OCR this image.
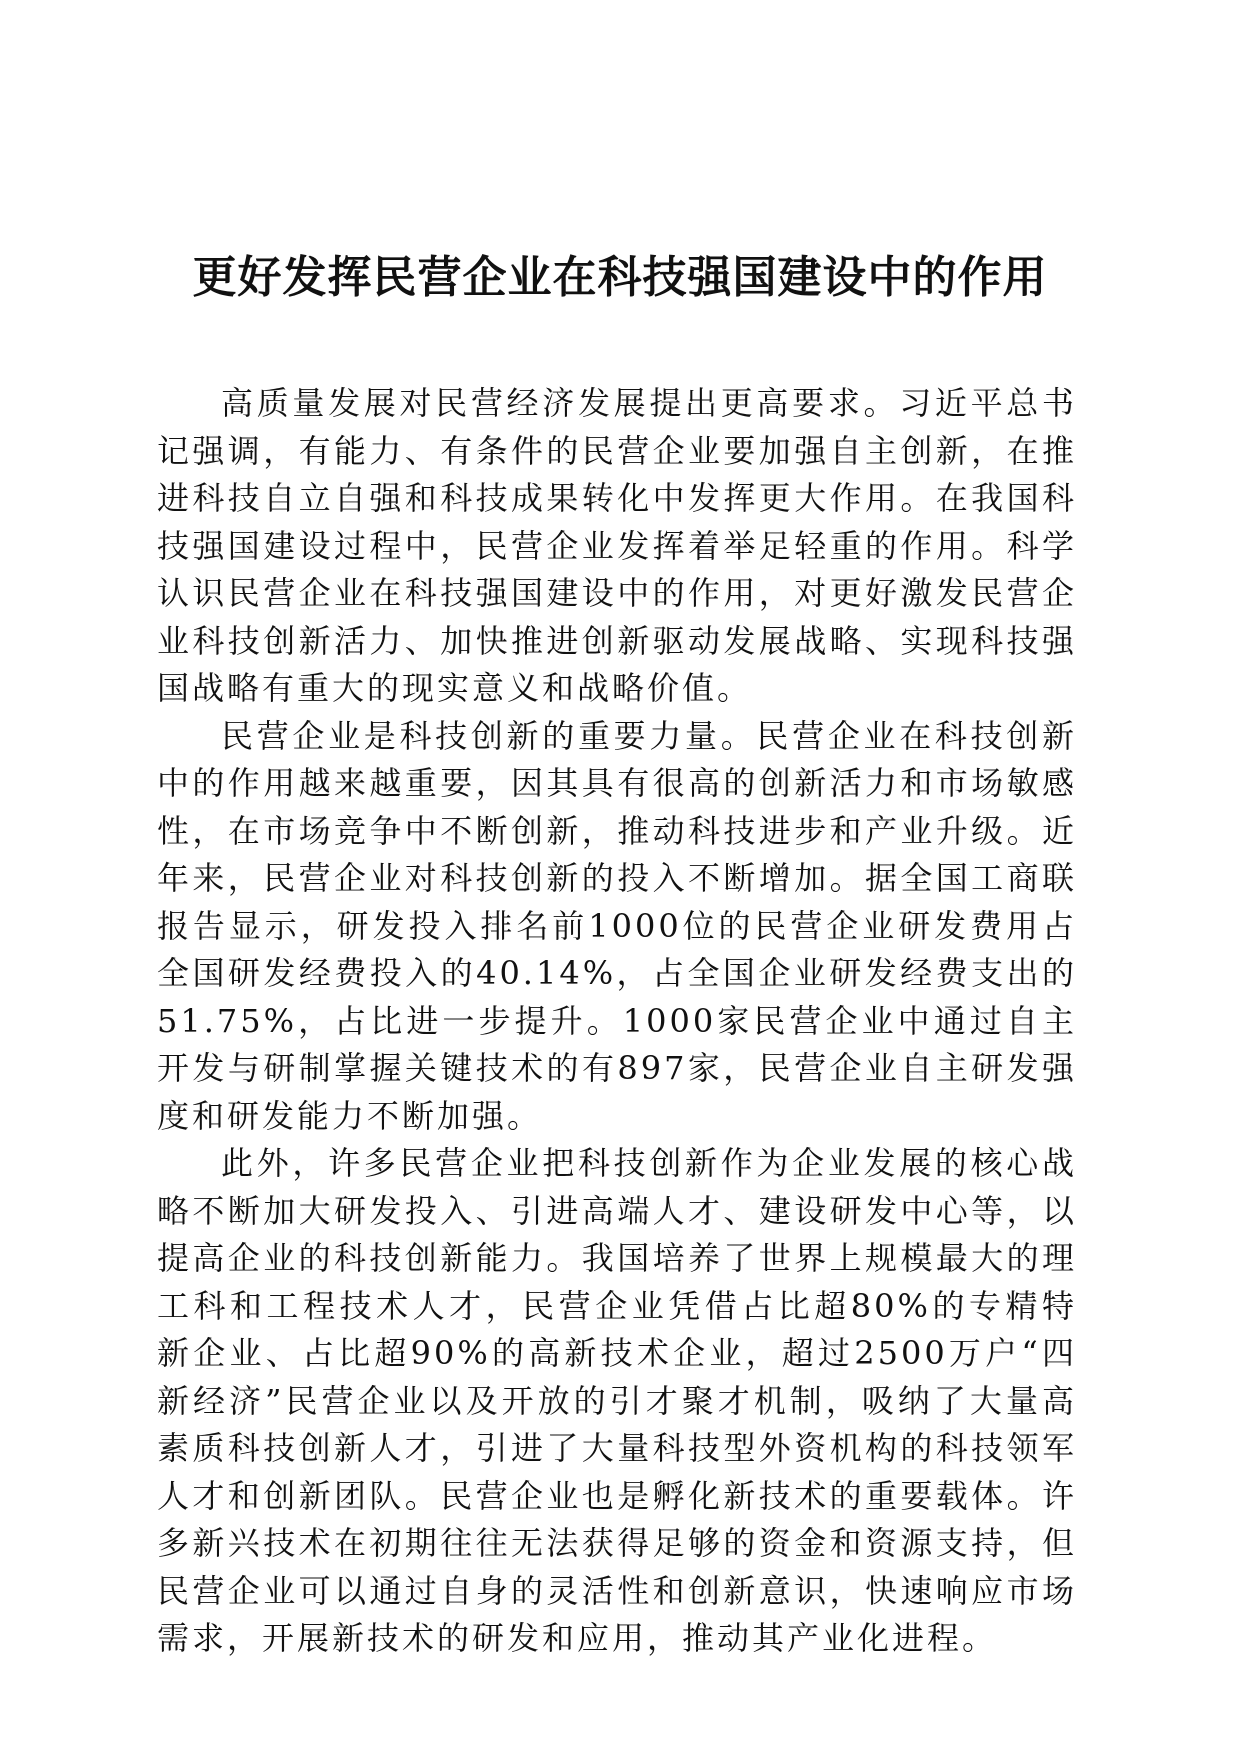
更好发挥民营企业在科技强国建设中的作用

高质量发展对民营经济发展提出更高要求。习近平总书记强调，有能力、有条件的民营企业要加强自主创新，在推进科技自立自强和科技成果转化中发挥更大作用。在我国科技强国建设过程中，民营企业发挥着举足轻重的作用。科学认识民营企业在科技强国建设中的作用，对更好激发民营企业科技创新活力、加快推进创新驱动发展战略、实现科技强国战略有重大的现实意义和战略价值。

民营企业是科技创新的重要力量。民营企业在科技创新中的作用越来越重要，因其具有很高的创新活力和市场敏感性，在市场竞争中不断创新，推动科技进步和产业升级。近年来，民营企业对科技创新的投入不断增加。据全国工商联报告显示，研发投入排名前1000位的民营企业研发费用占全国研发经费投入的40.14%，占全国企业研发经费支出的51.75%，占比进一步提升。1000家民营企业中通过自主开发与研制掌握关键技术的有897家，民营企业自主研发强度和研发能力不断加强。

此外，许多民营企业把科技创新作为企业发展的核心战略不断加大研发投入、引进高端人才、建设研发中心等，以提高企业的科技创新能力。我国培养了世界上规模最大的理工科和工程技术人才，民营企业凭借占比超80%的专精特新企业、占比超90%的高新技术企业，超过2500万户“四新经济”民营企业以及开放的引才聚才机制，吸纳了大量高素质科技创新人才，引进了大量科技型外资机构的科技领军人才和创新团队。民营企业也是孵化新技术的重要载体。许多新兴技术在初期往往无法获得足够的资金和资源支持，但民营企业可以通过自身的灵活性和创新意识，快速响应市场需求，开展新技术的研发和应用，推动其产业化进程。
